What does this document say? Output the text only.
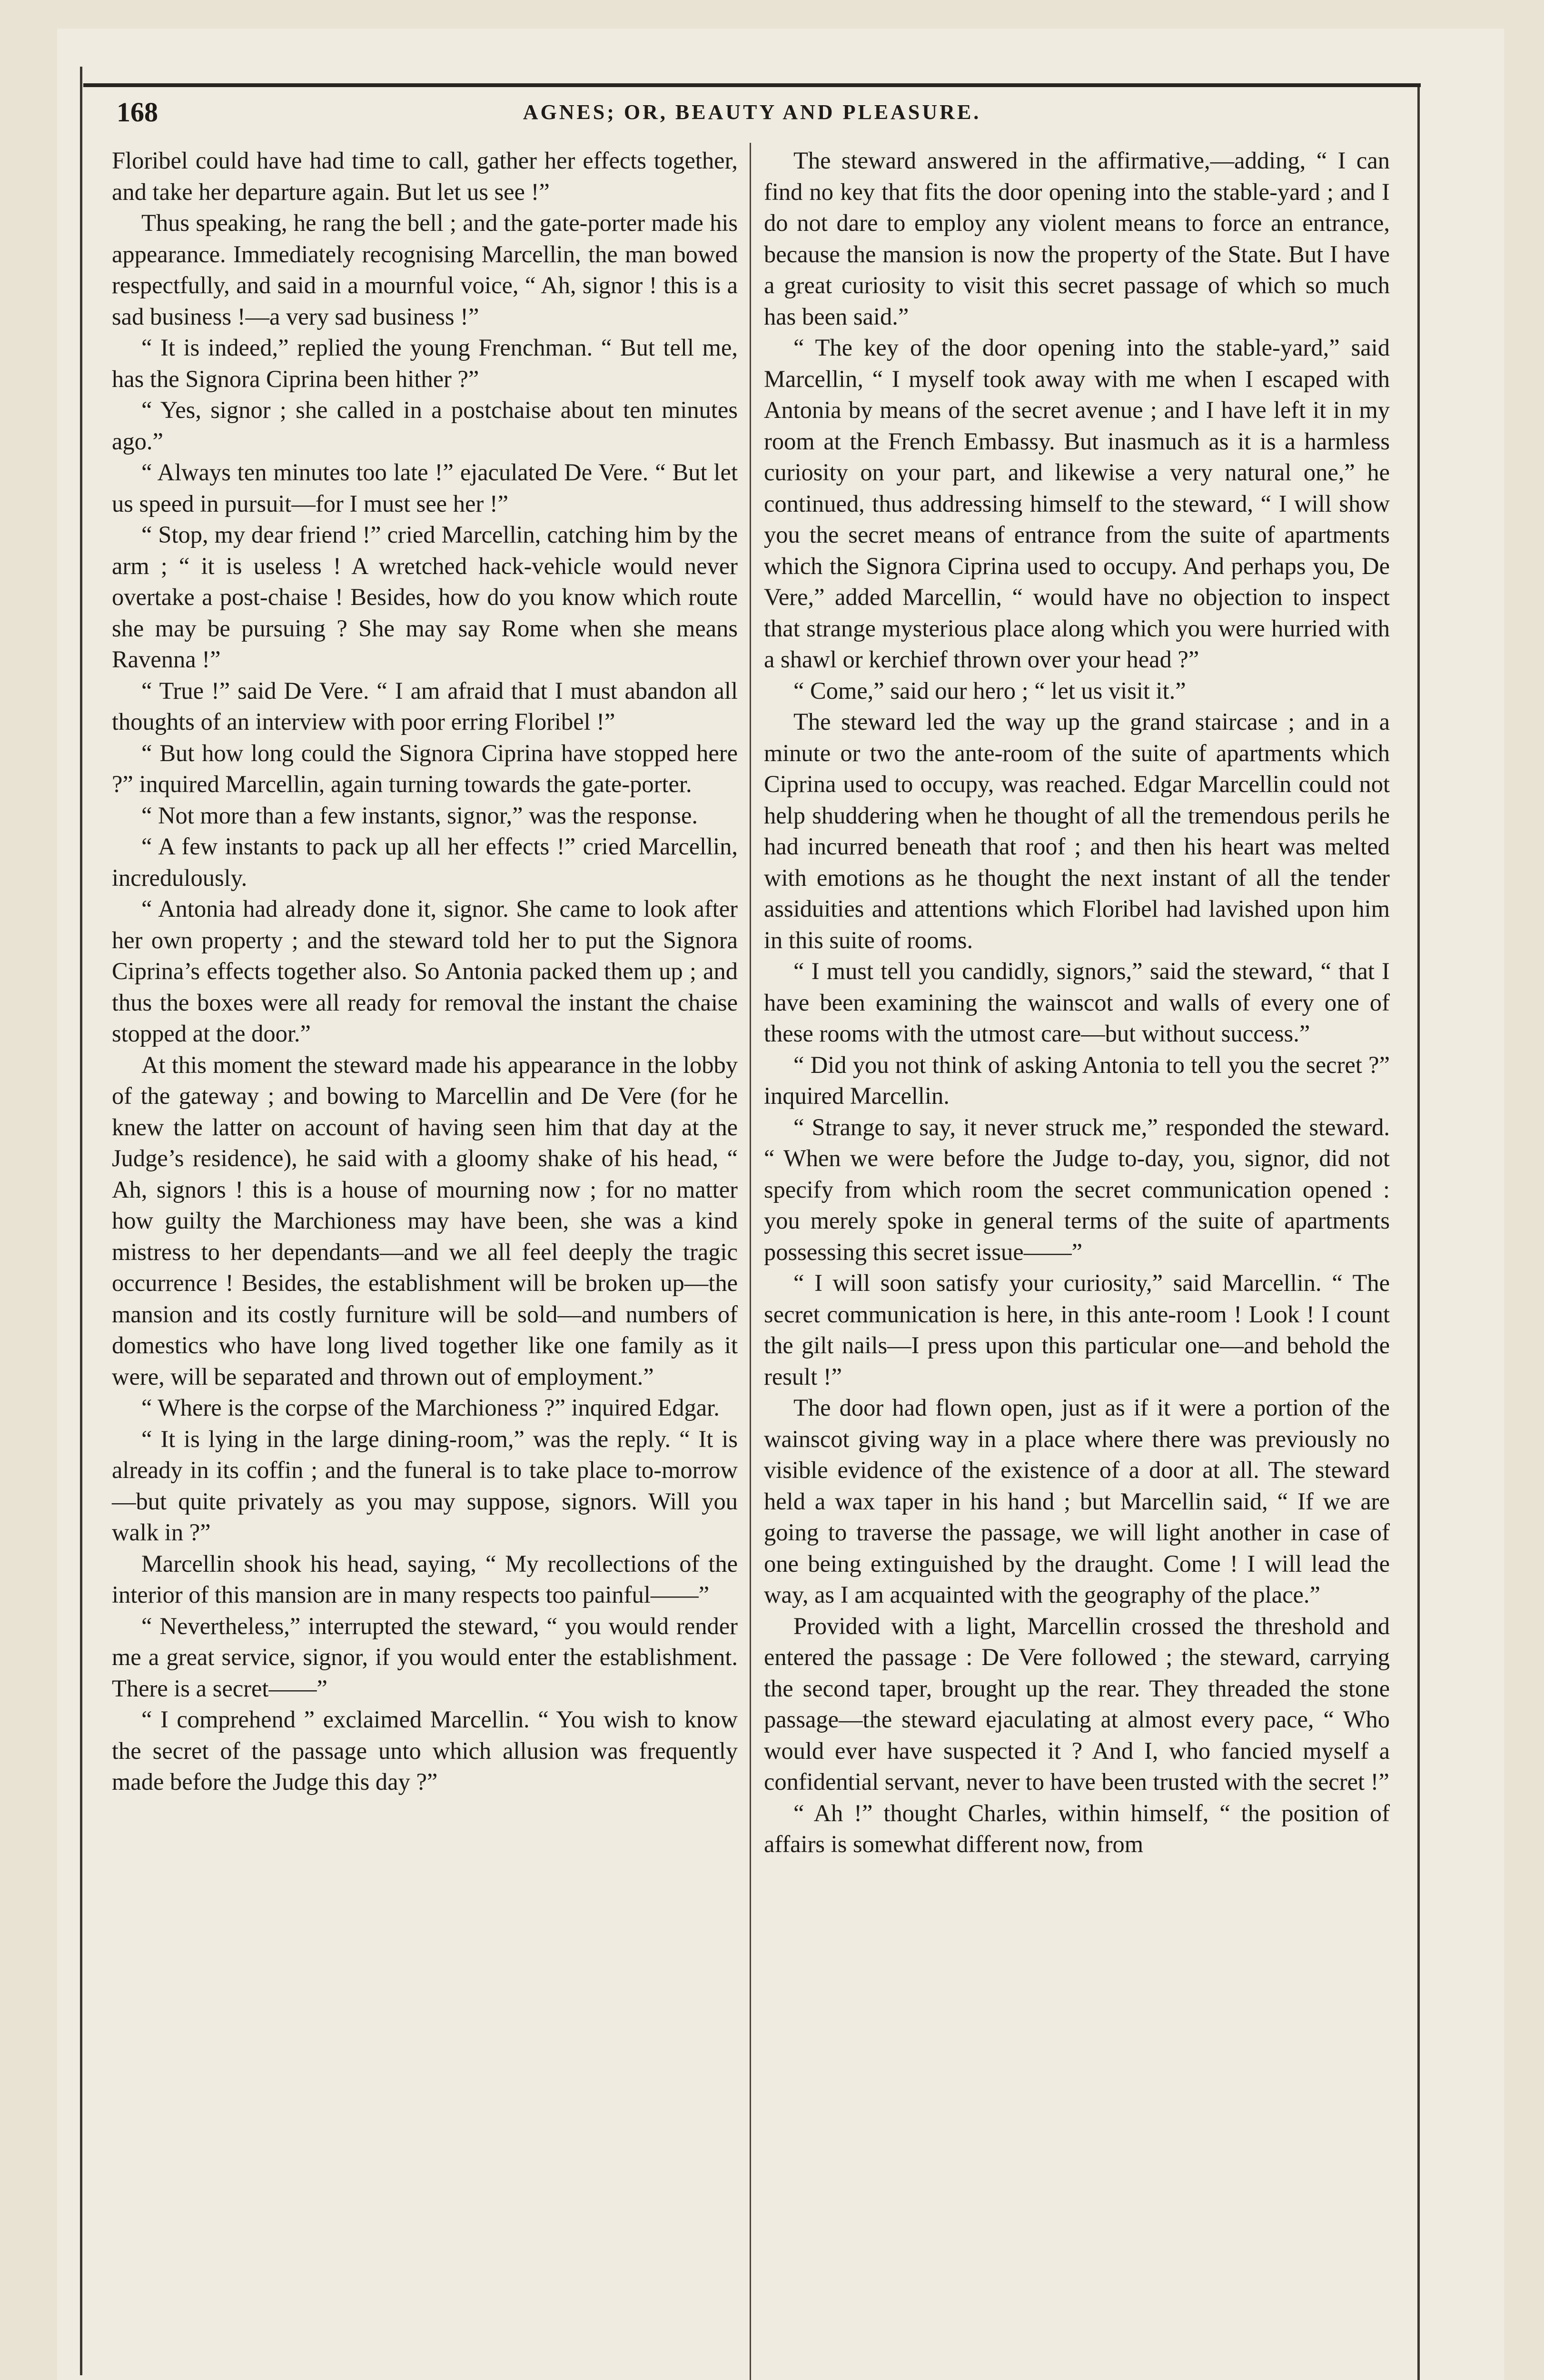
168	AGNES; OR, BEAUTY AND PLEASURE.

Floribel could have had time to call, gather her effects together, and take her departure again. But let us see !”

Thus speaking, he rang the bell ; and the gate-porter made his appearance. Immediately recognising Marcellin, the man bowed respectfully, and said in a mournful voice, “ Ah, signor ! this is a sad business !—a very sad business !”

“ It is indeed,” replied the young Frenchman. “ But tell me, has the Signora Ciprina been hither ?”

“ Yes, signor ; she called in a postchaise about ten minutes ago.”

“ Always ten minutes too late !” ejaculated De Vere. “ But let us speed in pursuit—for I must see her !”

“ Stop, my dear friend !” cried Marcellin, catching him by the arm ; “ it is useless ! A wretched hack-vehicle would never overtake a post-chaise ! Besides, how do you know which route she may be pursuing ? She may say Rome when she means Ravenna !”

“ True !” said De Vere. “ I am afraid that I must abandon all thoughts of an interview with poor erring Floribel !”

“ But how long could the Signora Ciprina have stopped here ?” inquired Marcellin, again turning towards the gate-porter.

“ Not more than a few instants, signor,” was the response.

“ A few instants to pack up all her effects !” cried Marcellin, incredulously.

“ Antonia had already done it, signor. She came to look after her own property ; and the steward told her to put the Signora Ciprina’s effects together also. So Antonia packed them up ; and thus the boxes were all ready for removal the instant the chaise stopped at the door.”

At this moment the steward made his appearance in the lobby of the gateway ; and bowing to Marcellin and De Vere (for he knew the latter on account of having seen him that day at the Judge’s residence), he said with a gloomy shake of his head, “ Ah, signors ! this is a house of mourning now ; for no matter how guilty the Marchioness may have been, she was a kind mistress to her dependants—and we all feel deeply the tragic occurrence ! Besides, the establishment will be broken up—the mansion and its costly furniture will be sold—and numbers of domestics who have long lived together like one family as it were, will be separated and thrown out of employment.”

“ Where is the corpse of the Marchioness ?” inquired Edgar.

“ It is lying in the large dining-room,” was the reply. “ It is already in its coffin ; and the funeral is to take place to-morrow—but quite privately as you may suppose, signors. Will you walk in ?”

Marcellin shook his head, saying, “ My recollections of the interior of this mansion are in many respects too painful——”

“ Nevertheless,” interrupted the steward, “ you would render me a great service, signor, if you would enter the establishment. There is a secret——”

“ I comprehend ” exclaimed Marcellin. “ You wish to know the secret of the passage unto which allusion was frequently made before the Judge this day ?”

The steward answered in the affirmative,—adding, “ I can find no key that fits the door opening into the stable-yard ; and I do not dare to employ any violent means to force an entrance, because the mansion is now the property of the State. But I have a great curiosity to visit this secret passage of which so much has been said.”

“ The key of the door opening into the stable-yard,” said Marcellin, “ I myself took away with me when I escaped with Antonia by means of the secret avenue ; and I have left it in my room at the French Embassy. But inasmuch as it is a harmless curiosity on your part, and likewise a very natural one,” he continued, thus addressing himself to the steward, “ I will show you the secret means of entrance from the suite of apartments which the Signora Ciprina used to occupy. And perhaps you, De Vere,” added Marcellin, “ would have no objection to inspect that strange mysterious place along which you were hurried with a shawl or kerchief thrown over your head ?”

“ Come,” said our hero ; “ let us visit it.”

The steward led the way up the grand staircase ; and in a minute or two the ante-room of the suite of apartments which Ciprina used to occupy, was reached. Edgar Marcellin could not help shuddering when he thought of all the tremendous perils he had incurred beneath that roof ; and then his heart was melted with emotions as he thought the next instant of all the tender assiduities and attentions which Floribel had lavished upon him in this suite of rooms.

“ I must tell you candidly, signors,” said the steward, “ that I have been examining the wainscot and walls of every one of these rooms with the utmost care—but without success.”

“ Did you not think of asking Antonia to tell you the secret ?” inquired Marcellin.

“ Strange to say, it never struck me,” responded the steward. “ When we were before the Judge to-day, you, signor, did not specify from which room the secret communication opened : you merely spoke in general terms of the suite of apartments possessing this secret issue——”

“ I will soon satisfy your curiosity,” said Marcellin. “ The secret communication is here, in this ante-room ! Look ! I count the gilt nails—I press upon this particular one—and behold the result !”

The door had flown open, just as if it were a portion of the wainscot giving way in a place where there was previously no visible evidence of the existence of a door at all. The steward held a wax taper in his hand ; but Marcellin said, “ If we are going to traverse the passage, we will light another in case of one being extinguished by the draught. Come ! I will lead the way, as I am acquainted with the geography of the place.”

Provided with a light, Marcellin crossed the threshold and entered the passage : De Vere followed ; the steward, carrying the second taper, brought up the rear. They threaded the stone passage—the steward ejaculating at almost every pace, “ Who would ever have suspected it ? And I, who fancied myself a confidential servant, never to have been trusted with the secret !”

“ Ah !” thought Charles, within himself, “ the position of affairs is somewhat different now, from
